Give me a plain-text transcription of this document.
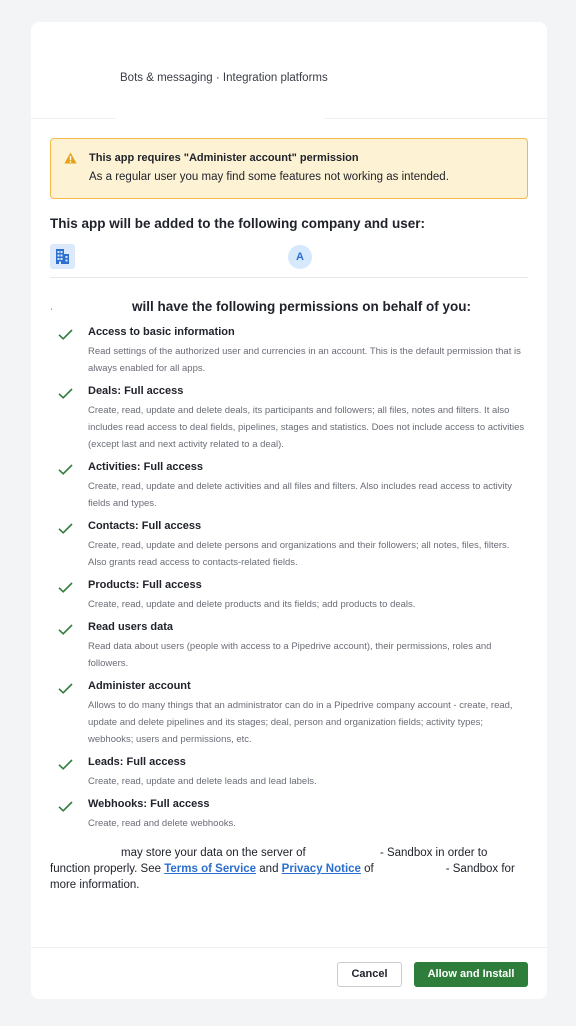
Bots & messaging · Integration platforms
This app requires "Administer account" permission
As a regular user you may find some features not working as intended.
This app will be added to the following company and user:
A
ˌ	will have the following permissions on behalf of you:
Access to basic information
Read settings of the authorized user and currencies in an account. This is the default permission that is always enabled for all apps.
Deals: Full access
Create, read, update and delete deals, its participants and followers; all files, notes and filters. It also includes read access to deal fields, pipelines, stages and statistics. Does not include access to activities (except last and next activity related to a deal).
Activities: Full access
Create, read, update and delete activities and all files and filters. Also includes read access to activity fields and types.
Contacts: Full access
Create, read, update and delete persons and organizations and their followers; all notes, files, filters. Also grants read access to contacts-related fields.
Products: Full access
Create, read, update and delete products and its fields; add products to deals.
Read users data
Read data about users (people with access to a Pipedrive account), their permissions, roles and followers.
Administer account
Allows to do many things that an administrator can do in a Pipedrive company account - create, read, update and delete pipelines and its stages; deal, person and organization fields; activity types; webhooks; users and permissions, etc.
Leads: Full access
Create, read, update and delete leads and lead labels.
Webhooks: Full access
Create, read and delete webhooks.
may store your data on the server of	- Sandbox in order to function properly. See Terms of Service and Privacy Notice of	- Sandbox for more information.
Cancel	Allow and Install
